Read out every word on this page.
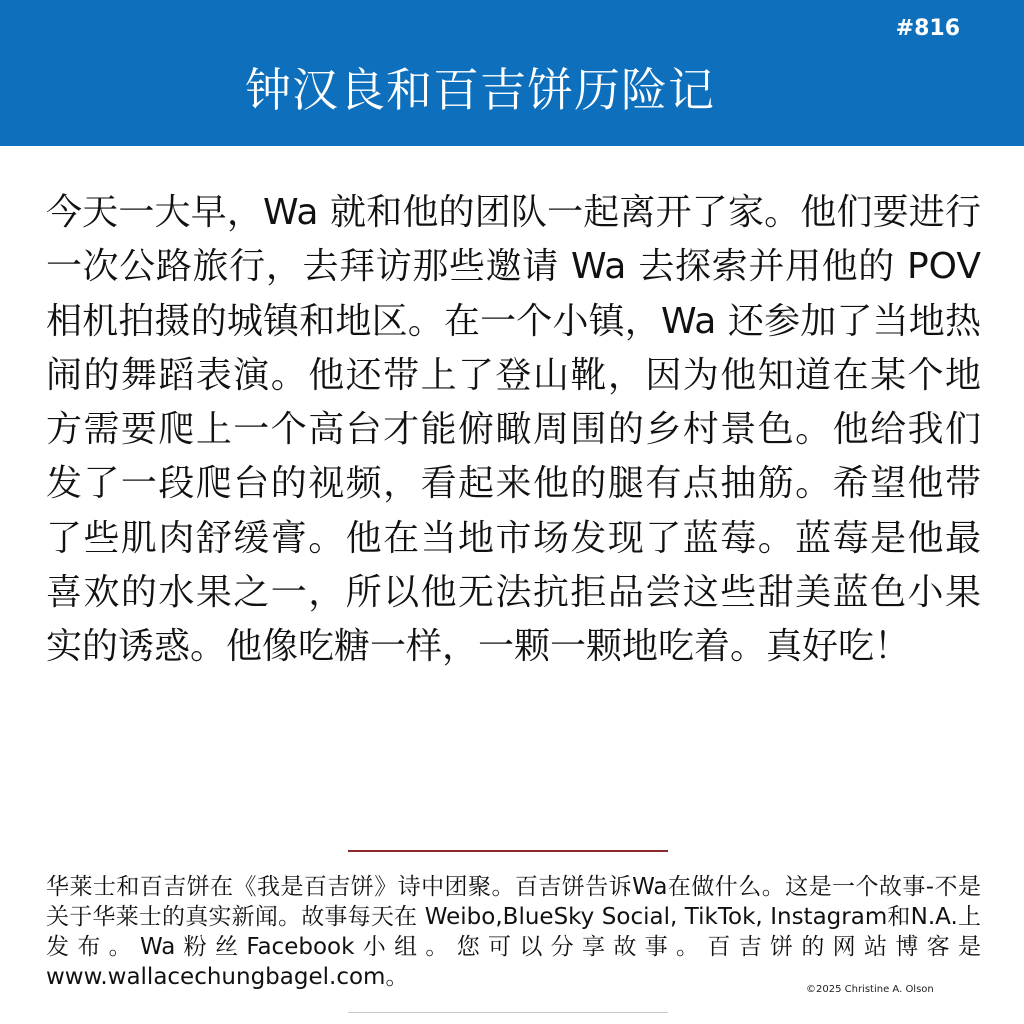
#816
钟汉良和百吉饼历险记

今天一大早，Wa 就和他的团队一起离开了家。他们要进行一次公路旅行，去拜访那些邀请 Wa 去探索并用他的 POV 相机拍摄的城镇和地区。在一个小镇，Wa 还参加了当地热闹的舞蹈表演。他还带上了登山靴，因为他知道在某个地方需要爬上一个高台才能俯瞰周围的乡村景色。他给我们发了一段爬台的视频，看起来他的腿有点抽筋。希望他带了些肌肉舒缓膏。他在当地市场发现了蓝莓。蓝莓是他最喜欢的水果之一，所以他无法抗拒品尝这些甜美蓝色小果实的诱惑。他像吃糖一样，一颗一颗地吃着。真好吃！

华莱士和百吉饼在《我是百吉饼》诗中团聚。百吉饼告诉Wa在做什么。这是一个故事-不是关于华莱士的真实新闻。故事每天在 Weibo,BlueSky Social, TikTok, Instagram和N.A.上发布。Wa粉丝Facebook小组。您可以分享故事。百吉饼的网站博客是www.wallacechungbagel.com。	©2025 Christine A. Olson
